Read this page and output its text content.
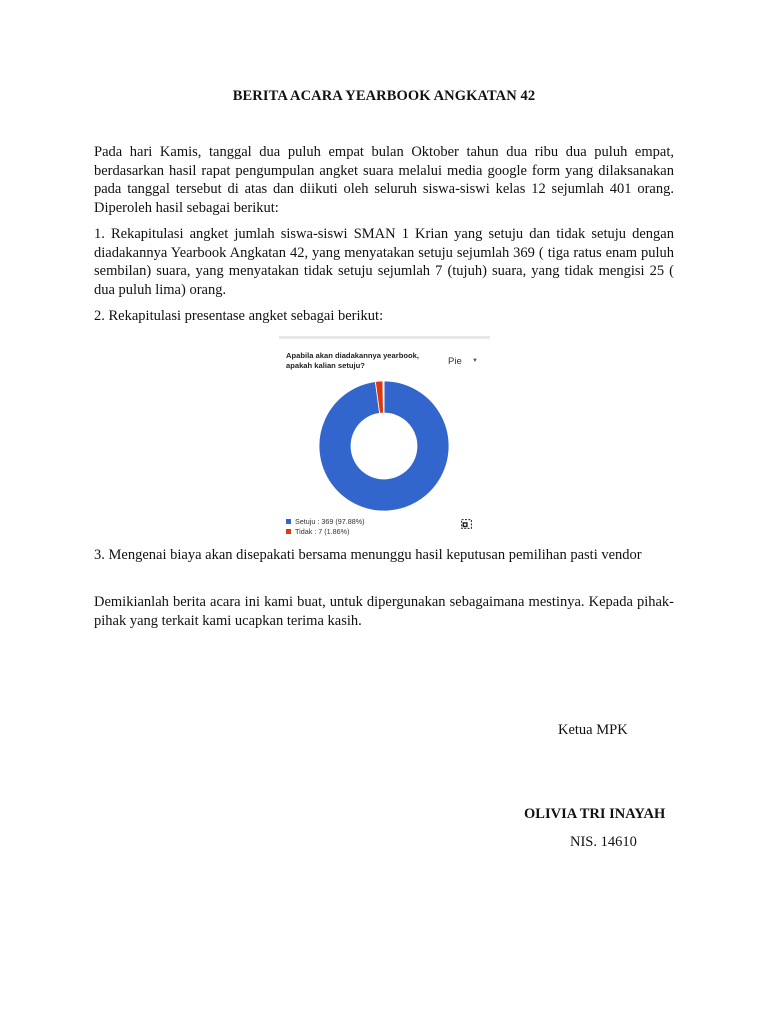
BERITA ACARA YEARBOOK ANGKATAN 42

Pada hari Kamis, tanggal dua puluh empat bulan Oktober tahun dua ribu dua puluh empat, berdasarkan hasil rapat pengumpulan angket suara melalui media google form yang dilaksanakan pada tanggal tersebut di atas dan diikuti oleh seluruh siswa-siswi kelas 12 sejumlah 401 orang. Diperoleh hasil sebagai berikut:

1. Rekapitulasi angket jumlah siswa-siswi SMAN 1 Krian yang setuju dan tidak setuju dengan diadakannya Yearbook Angkatan 42, yang menyatakan setuju sejumlah 369 ( tiga ratus enam puluh sembilan) suara, yang menyatakan tidak setuju sejumlah 7 (tujuh) suara, yang tidak mengisi 25 ( dua puluh lima) orang.

2. Rekapitulasi presentase angket sebagai berikut:

Apabila akan diadakannya yearbook, apakah kalian setuju?	Pie ▼
Setuju : 369 (97.88%)
Tidak : 7 (1.86%)

3. Mengenai biaya akan disepakati bersama menunggu hasil keputusan pemilihan pasti vendor

Demikianlah berita acara ini kami buat, untuk dipergunakan sebagaimana mestinya. Kepada pihak-pihak yang terkait kami ucapkan terima kasih.

Ketua MPK
OLIVIA TRI INAYAH
NIS. 14610
